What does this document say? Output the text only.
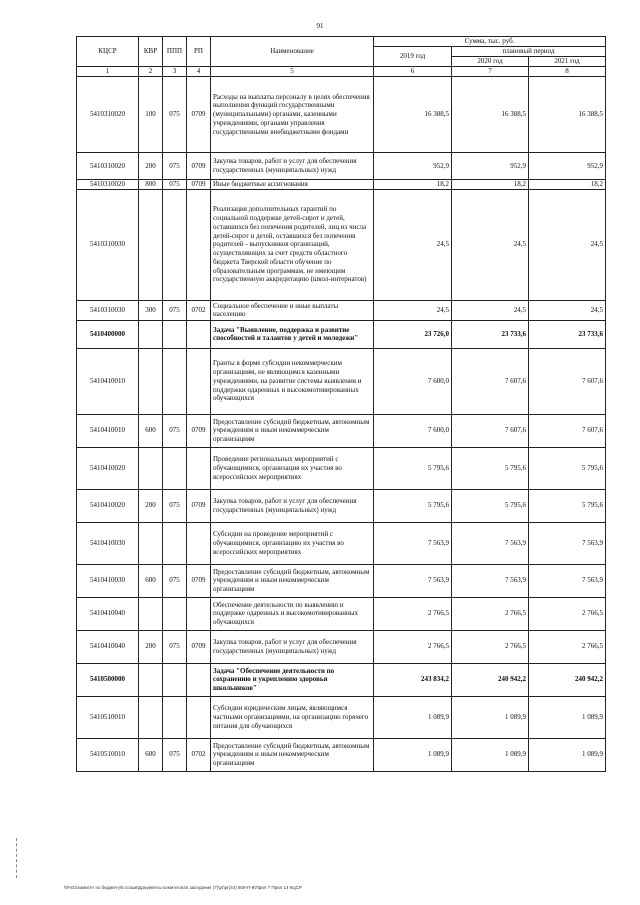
91
КЦСР	КВР	ППП	РП	Наименование	Сумма, тыс. руб.		
					2019 год	плановый период	
						2020 год	2021 год
1	2	3	4	5	6	7	8
5410310020	100	075	0709	Расходы на выплаты персоналу в целях обеспечения выполнения функций государственными (муниципальными) органами, казенными учреждениями, органами управления государственными внебюджетными фондами	16 388,5	16 388,5	16 388,5
5410310020	200	075	0709	Закупка товаров, работ и услуг для обеспечения государственных (муниципальных) нужд	952,9	952,9	952,9
5410310020	800	075	0709	Иные бюджетные ассигнования	18,2	18,2	18,2
5410310030				Реализация дополнительных гарантий по социальной поддержке детей-сирот и детей, оставшихся без попечения родителей, лиц из числа детей-сирот и детей, оставшихся без попечения родителей - выпускников организаций, осуществляющих за счет средств областного бюджета Тверской области обучение по образовательным программам, не имеющим государственную аккредитацию (школ-интернатов)	24,5	24,5	24,5
5410310030	300	075	0702	Социальное обеспечение и иные выплаты населению	24,5	24,5	24,5
5410400000				Задача "Выявление, поддержка и развитие способностей и талантов у детей и молодежи"	23 726,0	23 733,6	23 733,6
5410410010				Гранты в форме субсидии некоммерческим организациям, не являющимся казенными учреждениями, на развитие системы выявления и поддержки одаренных и высокомотивированных обучающихся	7 600,0	7 607,6	7 607,6
5410410010	600	075	0709	Предоставление субсидий бюджетным, автономным учреждениям и иным некоммерческим организациям	7 600,0	7 607,6	7 607,6
5410410020				Проведение региональных мероприятий с обучающимися, организация их участия во всероссийских мероприятиях	5 795,6	5 795,6	5 795,6
5410410020	200	075	0709	Закупка товаров, работ и услуг для обеспечения государственных (муниципальных) нужд	5 795,6	5 795,6	5 795,6
5410410030				Субсидии на проведение мероприятий с обучающимися, организацию их участия во всероссийских мероприятиях	7 563,9	7 563,9	7 563,9
5410410030	600	075	0709	Предоставление субсидий бюджетным, автономным учреждениям и иным некоммерческим организациям	7 563,9	7 563,9	7 563,9
5410410040				Обеспечение деятельности по выявлению и поддержке одаренных и высокомотивированных обучающихся	2 766,5	2 766,5	2 766,5
5410410040	200	075	0709	Закупка товаров, работ и услуг для обеспечения государственных (муниципальных) нужд	2 766,5	2 766,5	2 766,5
5410500000				Задача "Обеспечение деятельности по сохранению и укреплению здоровья школьников"	243 834,2	240 942,2	240 942,2
5410510010				Субсидии юридическим лицам, являющимся частными организациями, на организацию горячего питания для обучающихся	1 089,9	1 089,9	1 089,9
5410510010	600	075	0702	Предоставление субсидий бюджетным, автономным учреждениям и иным некоммерческим организациям	1 089,9	1 089,9	1 089,9
\\Fs01\комитет по бюджету\6 созыв\Документы комитета\44 заседание (7)\pr\pr(44) 809-П-6\Прил 7 Прил 14 КЦСР
